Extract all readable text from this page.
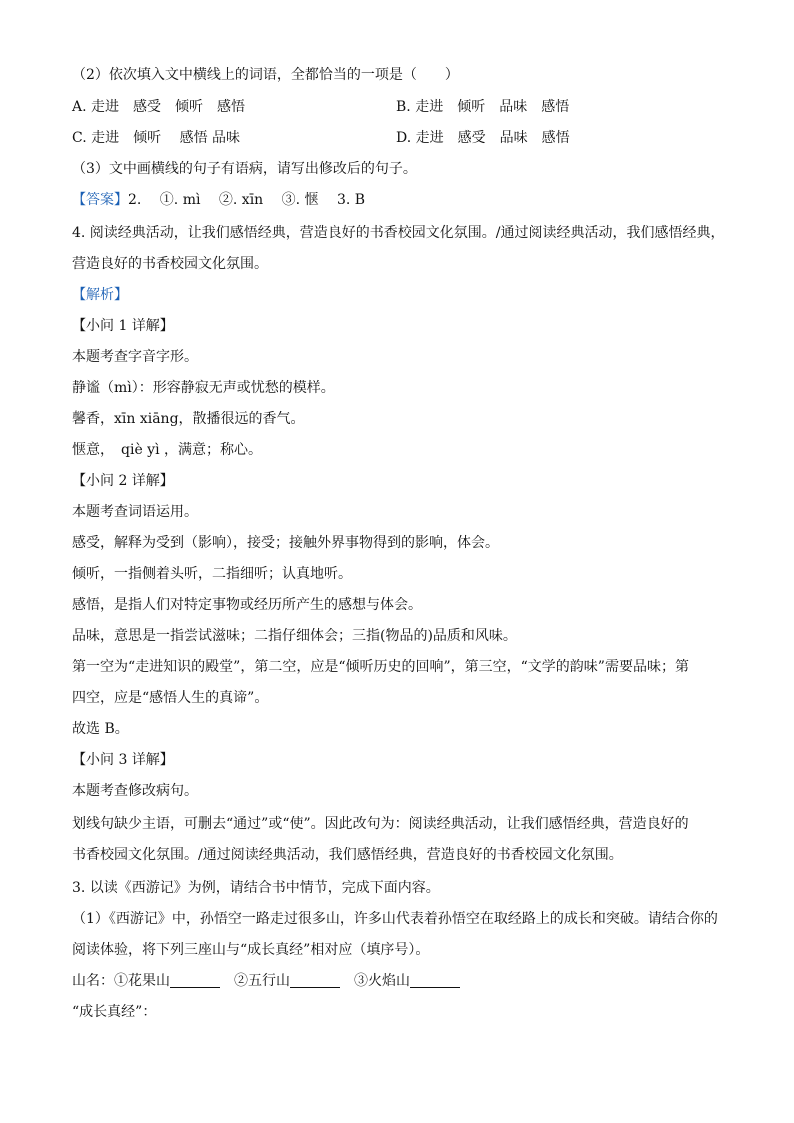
（2）依次填入文中横线上的词语，全都恰当的一项是（　　）
A. 走进　感受　倾听　感悟	B. 走进　倾听　品味　感悟
C. 走进　倾听　 感悟 品味	D. 走进　感受　品味　感悟
（3）文中画横线的句子有语病，请写出修改后的句子。
【答案】2.　 ①. mì　 ②. xīn　 ③. 惬　 3. B
4. 阅读经典活动，让我们感悟经典，营造良好的书香校园文化氛围。/通过阅读经典活动，我们感悟经典，
营造良好的书香校园文化氛围。
【解析】
【小问 1 详解】
本题考查字音字形。
静谧（mì）：形容静寂无声或忧愁的模样。
馨香，xīn xiāng，散播很远的香气。
惬意，　qiè yì ，满意；称心。
【小问 2 详解】
本题考查词语运用。
感受，解释为受到（影响），接受；接触外界事物得到的影响，体会。
倾听，一指侧着头听，二指细听；认真地听。
感悟，是指人们对特定事物或经历所产生的感想与体会。
品味，意思是一指尝试滋味；二指仔细体会；三指(物品的)品质和风味。
第一空为“走进知识的殿堂”，第二空，应是“倾听历史的回响”，第三空，“文学的韵味”需要品味；第
四空，应是“感悟人生的真谛”。
故选 B。
【小问 3 详解】
本题考查修改病句。
划线句缺少主语，可删去“通过”或“使”。因此改句为：阅读经典活动，让我们感悟经典，营造良好的
书香校园文化氛围。/通过阅读经典活动，我们感悟经典，营造良好的书香校园文化氛围。
3. 以读《西游记》为例，请结合书中情节，完成下面内容。
（1）《西游记》中，孙悟空一路走过很多山，许多山代表着孙悟空在取经路上的成长和突破。请结合你的
阅读体验，将下列三座山与“成长真经”相对应（填序号）。
山名：①花果山	②五行山	③火焰山
“成长真经”：
